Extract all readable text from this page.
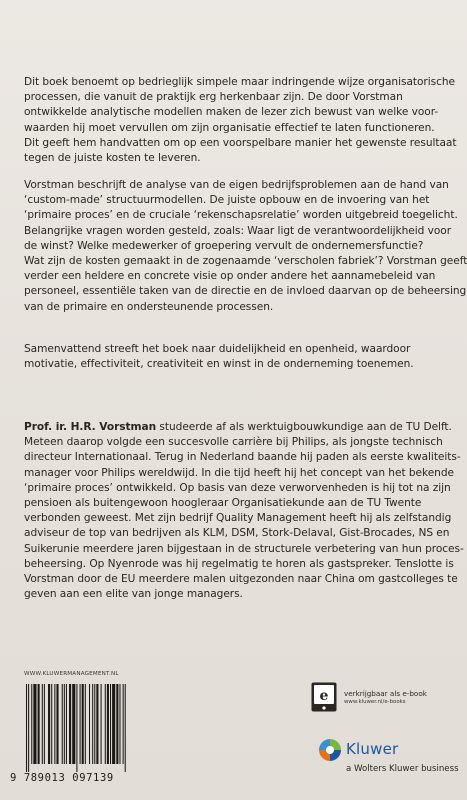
Dit boek benoemt op bedrieglijk simpele maar indringende wijze organisatorische
processen, die vanuit de praktijk erg herkenbaar zijn. De door Vorstman
ontwikkelde analytische modellen maken de lezer zich bewust van welke voor-
waarden hij moet vervullen om zijn organisatie effectief te laten functioneren.
Dit geeft hem handvatten om op een voorspelbare manier het gewenste resultaat
tegen de juiste kosten te leveren.
Vorstman beschrijft de analyse van de eigen bedrijfsproblemen aan de hand van
‘custom-made’ structuurmodellen. De juiste opbouw en de invoering van het
‘primaire proces’ en de cruciale ‘rekenschapsrelatie’ worden uitgebreid toegelicht.
Belangrijke vragen worden gesteld, zoals: Waar ligt de verantwoordelijkheid voor
de winst? Welke medewerker of groepering vervult de ondernemersfunctie?
Wat zijn de kosten gemaakt in de zogenaamde ‘verscholen fabriek’? Vorstman geeft
verder een heldere en concrete visie op onder andere het aannamebeleid van
personeel, essentiële taken van de directie en de invloed daarvan op de beheersing
van de primaire en ondersteunende processen.
Samenvattend streeft het boek naar duidelijkheid en openheid, waardoor
motivatie, effectiviteit, creativiteit en winst in de onderneming toenemen.
Prof. ir. H.R. Vorstman studeerde af als werktuigbouwkundige aan de TU Delft.
Meteen daarop volgde een succesvolle carrière bij Philips, als jongste technisch
directeur Internationaal. Terug in Nederland baande hij paden als eerste kwaliteits-
manager voor Philips wereldwijd. In die tijd heeft hij het concept van het bekende
‘primaire proces’ ontwikkeld. Op basis van deze verworvenheden is hij tot na zijn
pensioen als buitengewoon hoogleraar Organisatiekunde aan de TU Twente
verbonden geweest. Met zijn bedrijf Quality Management heeft hij als zelfstandig
adviseur de top van bedrijven als KLM, DSM, Stork-Delaval, Gist-Brocades, NS en
Suikerunie meerdere jaren bijgestaan in de structurele verbetering van hun proces-
beheersing. Op Nyenrode was hij regelmatig te horen als gastspreker. Tenslotte is
Vorstman door de EU meerdere malen uitgezonden naar China om gastcolleges te
geven aan een elite van jonge managers.
WWW.KLUWERMANAGEMENT.NL
9 789013 097139
e verkrijgbaar als e-book
www.kluwer.nl/e-books
Kluwer
a Wolters Kluwer business
